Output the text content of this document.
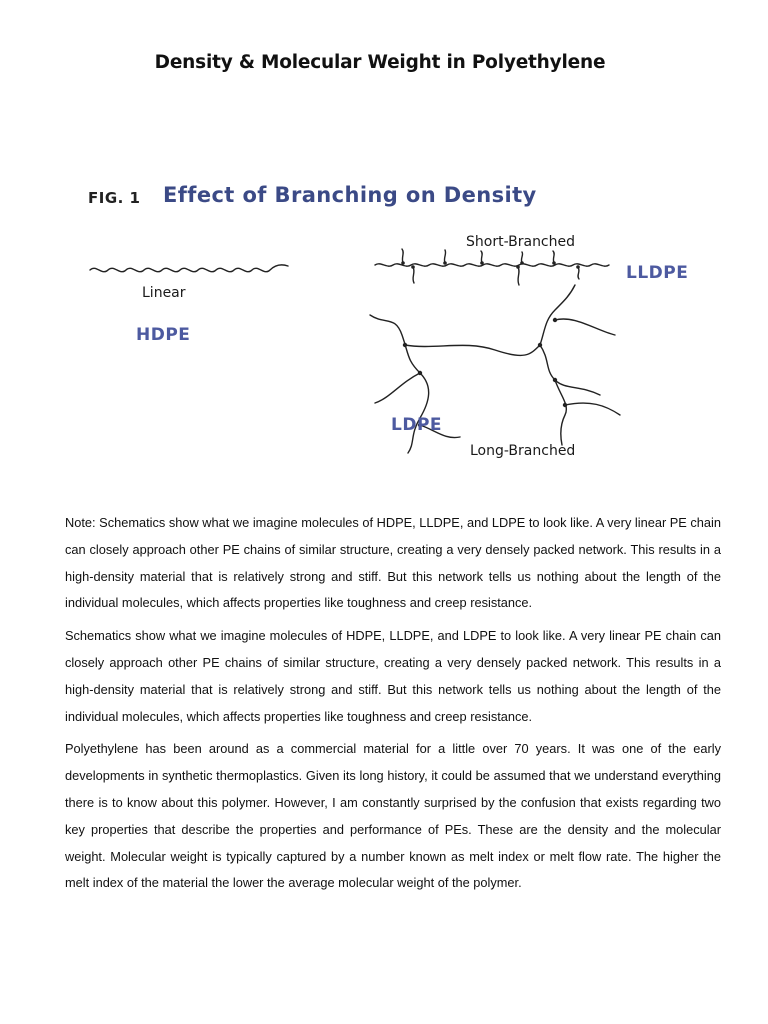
Density & Molecular Weight in Polyethylene
FIG. 1 Effect of Branching on Density
Linear
HDPE
Short-Branched
LLDPE
LDPE
Long-Branched

Note: Schematics show what we imagine molecules of HDPE, LLDPE, and LDPE to look like. A very linear PE chain can closely approach other PE chains of similar structure, creating a very densely packed network. This results in a high-density material that is relatively strong and stiff. But this network tells us nothing about the length of the individual molecules, which affects properties like toughness and creep resistance.

Schematics show what we imagine molecules of HDPE, LLDPE, and LDPE to look like. A very linear PE chain can closely approach other PE chains of similar structure, creating a very densely packed network. This results in a high-density material that is relatively strong and stiff. But this network tells us nothing about the length of the individual molecules, which affects properties like toughness and creep resistance.

Polyethylene has been around as a commercial material for a little over 70 years. It was one of the early developments in synthetic thermoplastics. Given its long history, it could be assumed that we understand everything there is to know about this polymer. However, I am constantly surprised by the confusion that exists regarding two key properties that describe the properties and performance of PEs. These are the density and the molecular weight. Molecular weight is typically captured by a number known as melt index or melt flow rate. The higher the melt index of the material the lower the average molecular weight of the polymer.
